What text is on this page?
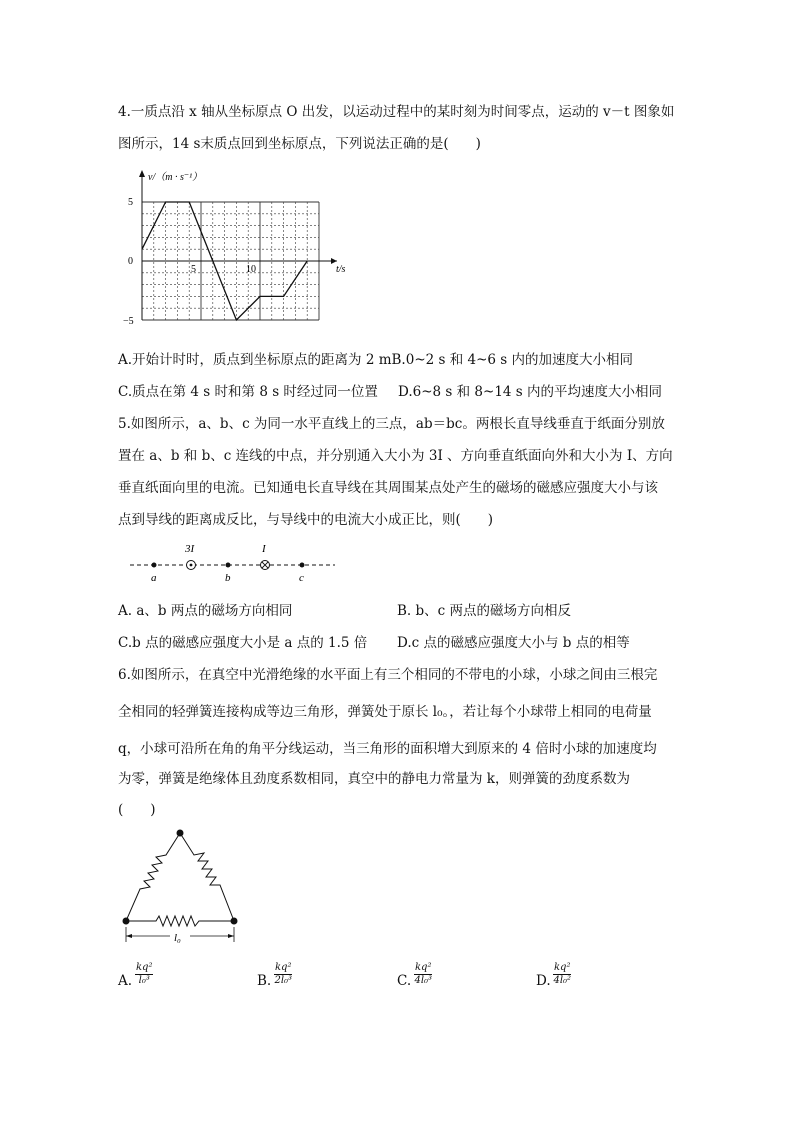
4.一质点沿 x 轴从坐标原点 O 出发，以运动过程中的某时刻为时间零点，运动的 v－t 图象如
图所示，14 s末质点回到坐标原点，下列说法正确的是(　　)
v/（m · s⁻¹）
t/s
5
0
−5
5	10
A.开始计时时，质点到坐标原点的距离为 2 mB.0~2 s 和 4~6 s 内的加速度大小相同
C.质点在第 4 s 时和第 8 s 时经过同一位置 D.6~8 s 和 8~14 s 内的平均速度大小相同
5.如图所示，a、b、c 为同一水平直线上的三点，ab＝bc。两根长直导线垂直于纸面分别放
置在 a、b 和 b、c 连线的中点，并分别通入大小为 3I 、方向垂直纸面向外和大小为 I、方向
垂直纸面向里的电流。已知通电长直导线在其周围某点处产生的磁场的磁感应强度大小与该
点到导线的距离成反比，与导线中的电流大小成正比，则(　　)
3I	I
a	b	c
A. a、b 两点的磁场方向相同	B. b、c 两点的磁场方向相反
C.b 点的磁感应强度大小是 a 点的 1.5 倍 D.c 点的磁感应强度大小与 b 点的相等
6.如图所示，在真空中光滑绝缘的水平面上有三个相同的不带电的小球，小球之间由三根完
全相同的轻弹簧连接构成等边三角形，弹簧处于原长 l₀。，若让每个小球带上相同的电荷量
q，小球可沿所在角的角平分线运动，当三角形的面积增大到原来的 4 倍时小球的加速度均
为零，弹簧是绝缘体且劲度系数相同，真空中的静电力常量为 k，则弹簧的劲度系数为
(　　)
l₀
A. $\frac{\text{kq²}}{\text{l₀³}}$	B. $\frac{\text{kq²}}{\text{2l₀³}}$	C. $\frac{\text{kq²}}{\text{4l₀³}}$	D. $\frac{\text{kq²}}{\text{4l₀²}}$
